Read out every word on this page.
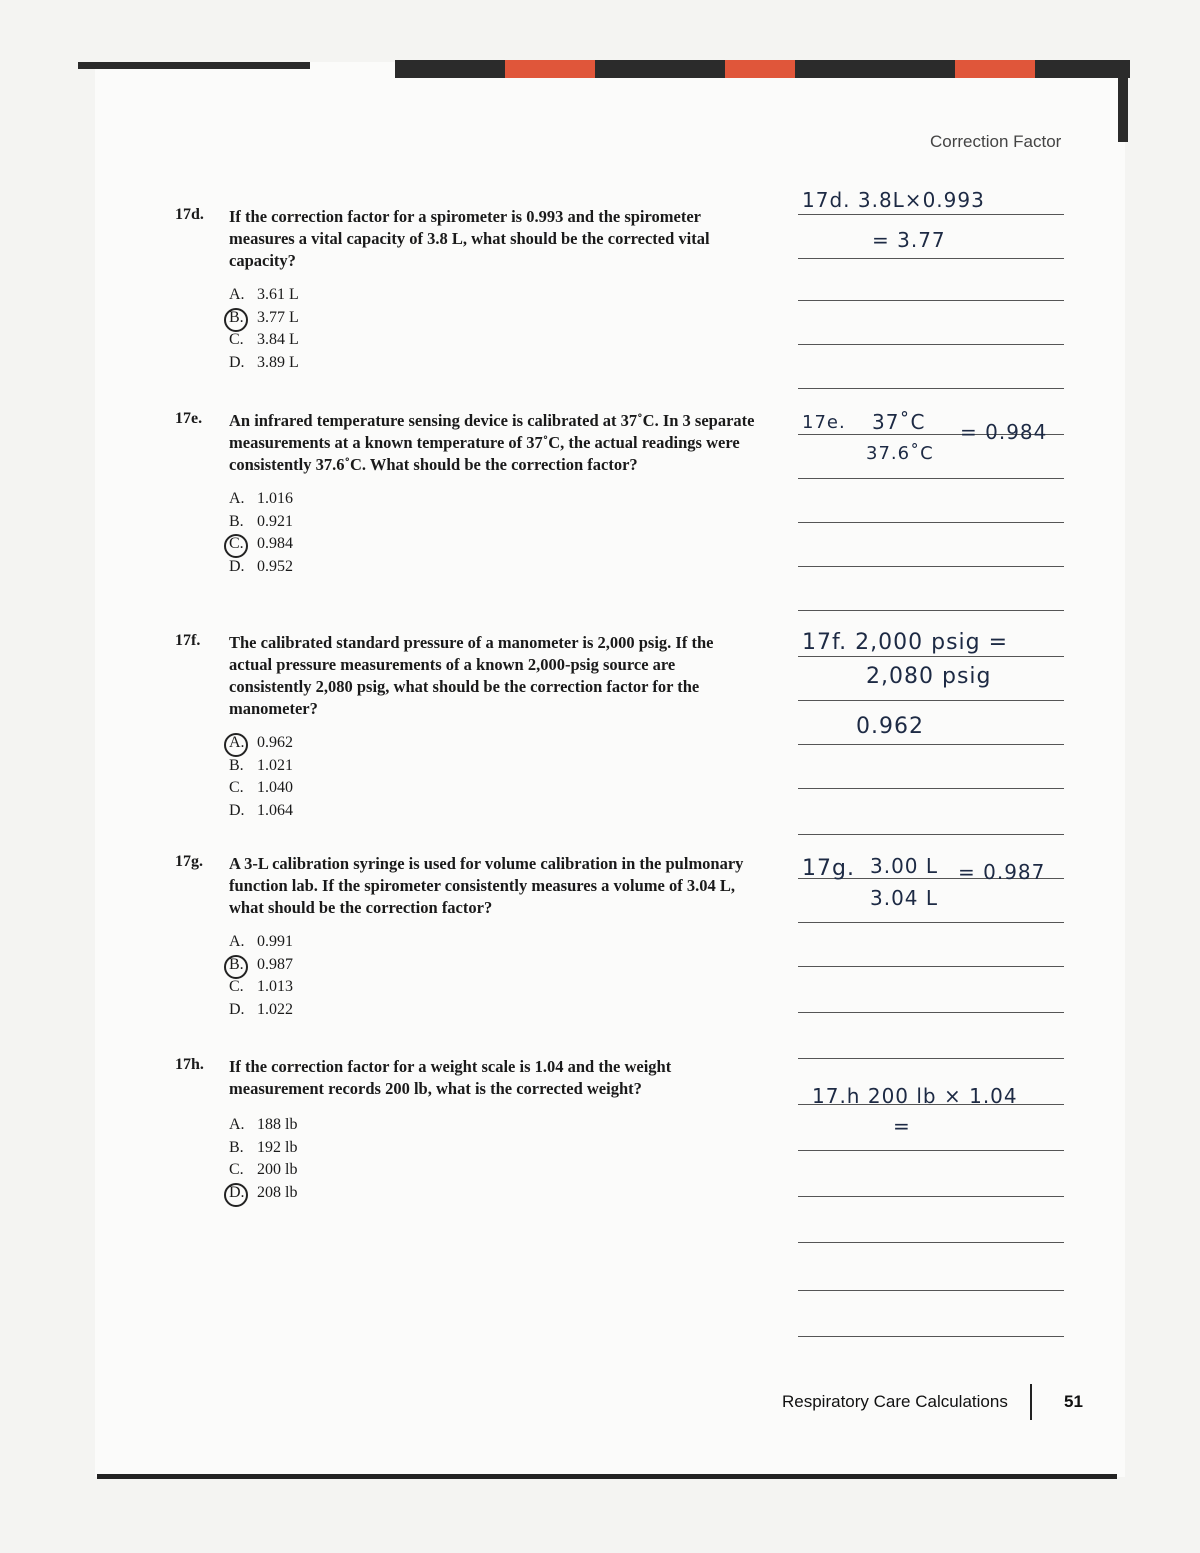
Correction Factor
17d. If the correction factor for a spirometer is 0.993 and the spirometer measures a vital capacity of 3.8 L, what should be the corrected vital capacity?
A. 3.61 L
B. 3.77 L
C. 3.84 L
D. 3.89 L
17e. An infrared temperature sensing device is calibrated at 37˚C. In 3 separate measurements at a known temperature of 37˚C, the actual readings were consistently 37.6˚C. What should be the correction factor?
A. 1.016
B. 0.921
C. 0.984
D. 0.952
17f. The calibrated standard pressure of a manometer is 2,000 psig. If the actual pressure measurements of a known 2,000-psig source are consistently 2,080 psig, what should be the correction factor for the manometer?
A. 0.962
B. 1.021
C. 1.040
D. 1.064
17g. A 3-L calibration syringe is used for volume calibration in the pulmonary function lab. If the spirometer consistently measures a volume of 3.04 L, what should be the correction factor?
A. 0.991
B. 0.987
C. 1.013
D. 1.022
17h. If the correction factor for a weight scale is 1.04 and the weight measurement records 200 lb, what is the corrected weight?
A. 188 lb
B. 192 lb
C. 200 lb
D. 208 lb
17d. 3.8L×0.993
= 3.77
17e. 37˚C
37.6˚C
= 0.984
17f. 2,000 psig =
2,080 psig
0.962
17g. 3.00 L
3.04 L
= 0.987
17.h 200 lb × 1.04
=
Respiratory Care Calculations	51
